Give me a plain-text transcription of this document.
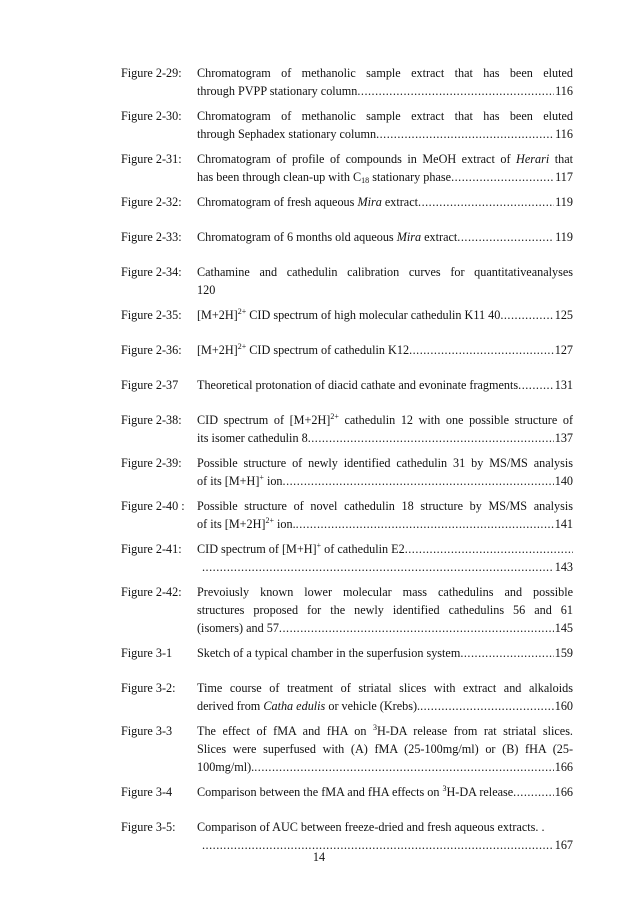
Figure 2-29: Chromatogram of methanolic sample extract that has been eluted
through PVPP stationary column .....	116
Figure 2-30: Chromatogram of methanolic sample extract that has been eluted
through Sephadex stationary column .....	116
Figure 2-31: Chromatogram of profile of compounds in MeOH extract of Herari that
has been through clean-up with $C_{18}$ stationary phase .....	117
Figure 2-32: Chromatogram of fresh aqueous Mira extract .....	119
Figure 2-33: Chromatogram of 6 months old aqueous Mira extract .....	119
Figure 2-34: Cathamine and cathedulin calibration curves for quantitativeanalyses
120
Figure 2-35: $[M+2H]^{2+}$ CID spectrum of high molecular cathedulin K11 40 .....	125
Figure 2-36: $[M+2H]^{2+}$ CID spectrum of cathedulin K12 .....	127
Figure 2-37 Theoretical protonation of diacid cathate and evoninate fragments .....	131
Figure 2-38: CID spectrum of $[M+2H]^{2+}$ cathedulin 12 with one possible structure of
its isomer cathedulin 8 .....	137
Figure 2-39: Possible structure of newly identified cathedulin 31 by MS/MS analysis
of its [M+H]+ ion .....	140
Figure 2-40 : Possible structure of novel cathedulin 18 structure by MS/MS analysis
of its $[M+2H]^{2+}$ ion. .....	141
Figure 2-41: CID spectrum of [M+H]+ of cathedulin E2
.....
.....
143
Figure 2-42: Prevoiusly known lower molecular mass cathedulins and possible
structures proposed for the newly identified cathedulins 56 and 61
(isomers) and 57 .....	145
Figure 3-1 Sketch of a typical chamber in the superfusion system .....	159
Figure 3-2: Time course of treatment of striatal slices with extract and alkaloids
derived from Catha edulis or vehicle (Krebs). .....	160
Figure 3-3 The effect of fMA and fHA on $^3$H-DA release from rat striatal slices.
Slices were superfused with (A) fMA (25-100mg/ml) or (B) fHA (25-
100mg/ml). .....	166
Figure 3-4 Comparison between the fMA and fHA effects on $^3$H-DA release .....	166
Figure 3-5: Comparison of AUC between freeze-dried and fresh aqueous extracts. .
.....
167
14
